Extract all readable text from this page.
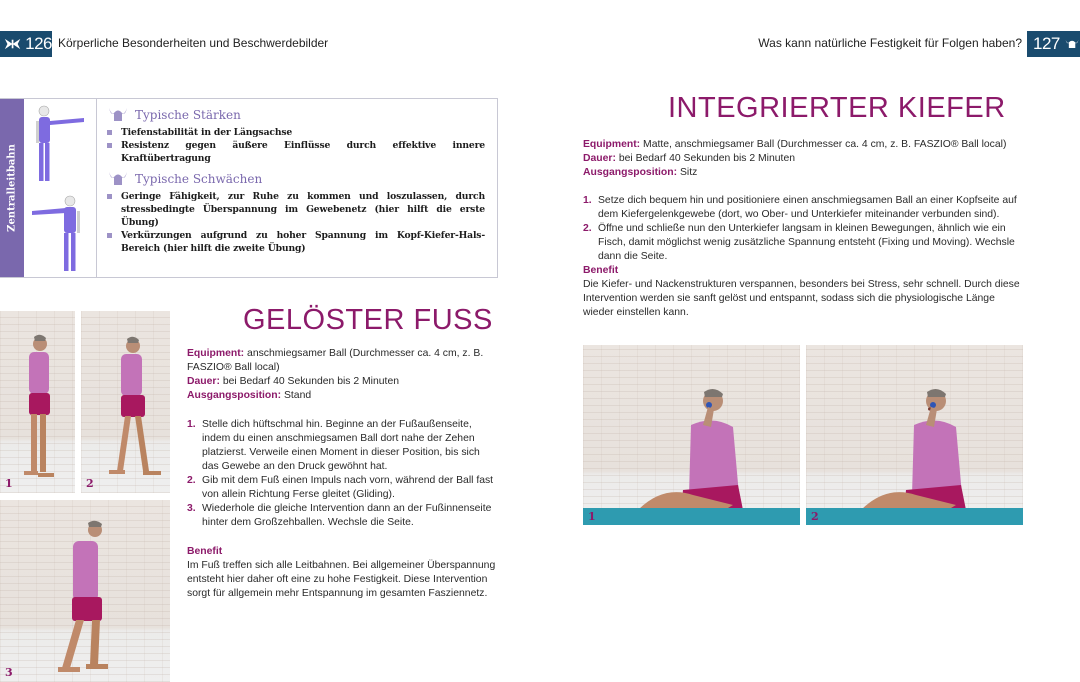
126 Körperliche Besonderheiten und Beschwerdebilder	Was kann natürliche Festigkeit für Folgen haben? 127
Zentralleitbahn
Typische Stärken
Tiefenstabilität in der Längsachse
Resistenz gegen äußere Einflüsse durch effektive innere Kraftübertragung
Typische Schwächen
Geringe Fähigkeit, zur Ruhe zu kommen und loszulassen, durch stressbedingte Überspannung im Gewebenetz (hier hilft die erste Übung)
Verkürzungen aufgrund zu hoher Spannung im Kopf-Kiefer-Hals-Bereich (hier hilft die zweite Übung)
1	2
3
GELÖSTER FUSS
Equipment: anschmiegsamer Ball (Durchmesser ca. 4 cm, z. B. FASZIO® Ball local)
Dauer: bei Bedarf 40 Sekunden bis 2 Minuten
Ausgangsposition: Stand
1. Stelle dich hüftschmal hin. Beginne an der Fußaußenseite, indem du einen anschmiegsamen Ball dort nahe der Zehen platzierst. Verweile einen Moment in dieser Position, bis sich das Gewebe an den Druck gewöhnt hat.
2. Gib mit dem Fuß einen Impuls nach vorn, während der Ball fast von allein Richtung Ferse gleitet (Gliding).
3. Wiederhole die gleiche Intervention dann an der Fußinnenseite hinter dem Großzehballen. Wechsle die Seite.
Benefit
Im Fuß treffen sich alle Leitbahnen. Bei allgemeiner Überspannung entsteht hier daher oft eine zu hohe Festigkeit. Diese Intervention sorgt für allgemein mehr Entspannung im gesamten Fasziennetz.
INTEGRIERTER KIEFER
Equipment: Matte, anschmiegsamer Ball (Durchmesser ca. 4 cm, z. B. FASZIO® Ball local)
Dauer: bei Bedarf 40 Sekunden bis 2 Minuten
Ausgangsposition: Sitz
1. Setze dich bequem hin und positioniere einen anschmiegsamen Ball an einer Kopfseite auf dem Kiefergelenkgewebe (dort, wo Ober- und Unterkiefer miteinander verbunden sind).
2. Öffne und schließe nun den Unterkiefer langsam in kleinen Bewegungen, ähnlich wie ein Fisch, damit möglichst wenig zusätzliche Spannung entsteht (Fixing und Moving). Wechsle dann die Seite.
Benefit
Die Kiefer- und Nackenstrukturen verspannen, besonders bei Stress, sehr schnell. Durch diese Intervention werden sie sanft gelöst und entspannt, sodass sich die physiologische Länge wieder einstellen kann.
1	2
